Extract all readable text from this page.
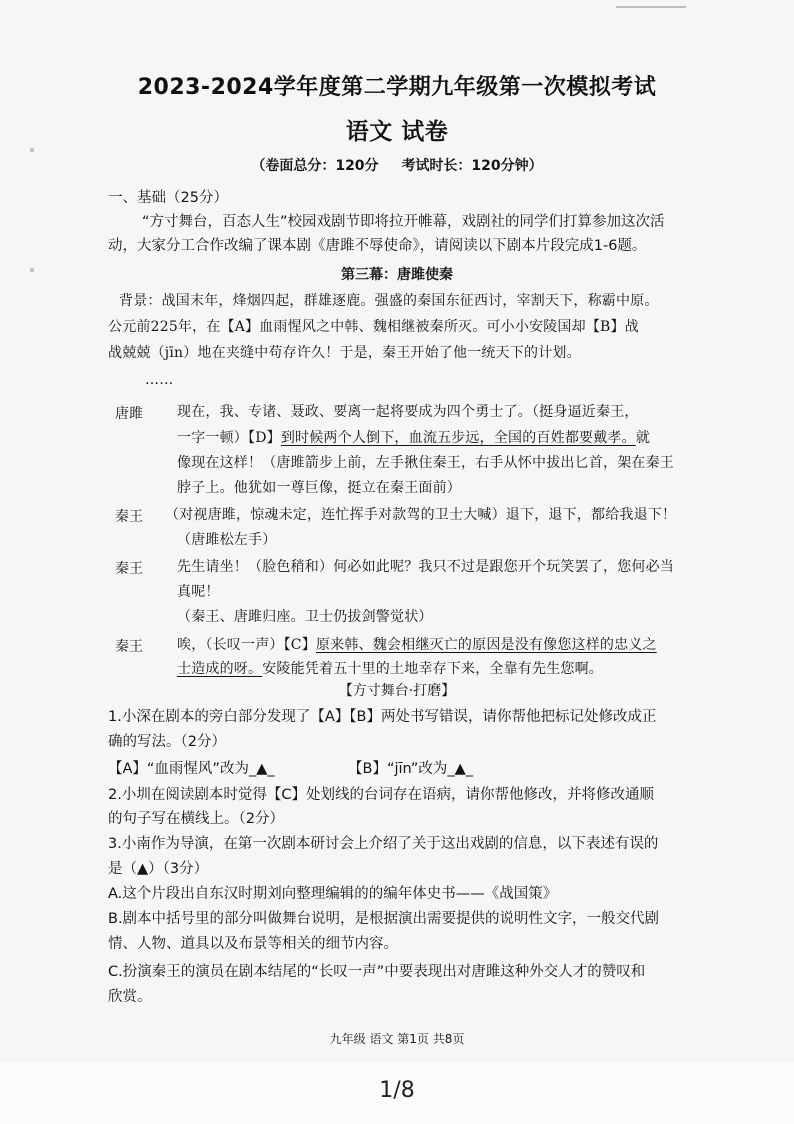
2023-2024学年度第二学期九年级第一次模拟考试
语文 试卷
（卷面总分：120分 考试时长：120分钟）
一、基础（25分）
“方寸舞台，百态人生”校园戏剧节即将拉开帷幕，戏剧社的同学们打算参加这次活
动，大家分工合作改编了课本剧《唐雎不辱使命》，请阅读以下剧本片段完成1-6题。
第三幕：唐雎使秦
背景：战国末年，烽烟四起，群雄逐鹿。强盛的秦国东征西讨，宰割天下，称霸中原。
公元前225年，在【A】血雨惺风之中韩、魏相继被秦所灭。可小小安陵国却【B】战
战兢兢（jīn）地在夹缝中苟存许久！于是，秦王开始了他一统天下的计划。
……
唐雎 现在，我、专诸、聂政、要离一起将要成为四个勇士了。（挺身逼近秦王，
一字一顿）【D】到时候两个人倒下，血流五步远，全国的百姓都要戴孝。就
像现在这样！（唐雎箭步上前，左手揪住秦王，右手从怀中拔出匕首，架在秦王
脖子上。他犹如一尊巨像，挺立在秦王面前）
秦王 （对视唐雎，惊魂未定，连忙挥手对款驾的卫士大喊）退下，退下，都给我退下！
（唐雎松左手）
秦王 先生请坐！（脸色稍和）何必如此呢？我只不过是跟您开个玩笑罢了，您何必当
真呢！
（秦王、唐雎归座。卫士仍拔剑警觉状）
秦王 唉，（长叹一声）【C】原来韩、魏会相继灭亡的原因是没有像您这样的忠义之
士造成的呀。安陵能凭着五十里的土地幸存下来，全靠有先生您啊。
【方寸舞台·打磨】
1.小深在剧本的旁白部分发现了【A】【B】两处书写错误，请你帮他把标记处修改成正
确的写法。（2分）
【A】“血雨惺风”改为_▲_	【B】“jīn”改为_▲_
2.小圳在阅读剧本时觉得【C】处划线的台词存在语病，请你帮他修改，并将修改通顺
的句子写在横线上。（2分）
3.小南作为导演，在第一次剧本研讨会上介绍了关于这出戏剧的信息，以下表述有误的
是（▲）（3分）
A.这个片段出自东汉时期刘向整理编辑的的编年体史书——《战国策》
B.剧本中括号里的部分叫做舞台说明，是根据演出需要提供的说明性文字，一般交代剧
情、人物、道具以及布景等相关的细节内容。
C.扮演秦王的演员在剧本结尾的“长叹一声”中要表现出对唐雎这种外交人才的赞叹和
欣赏。
九年级 语文 第1页 共8页
1/8
